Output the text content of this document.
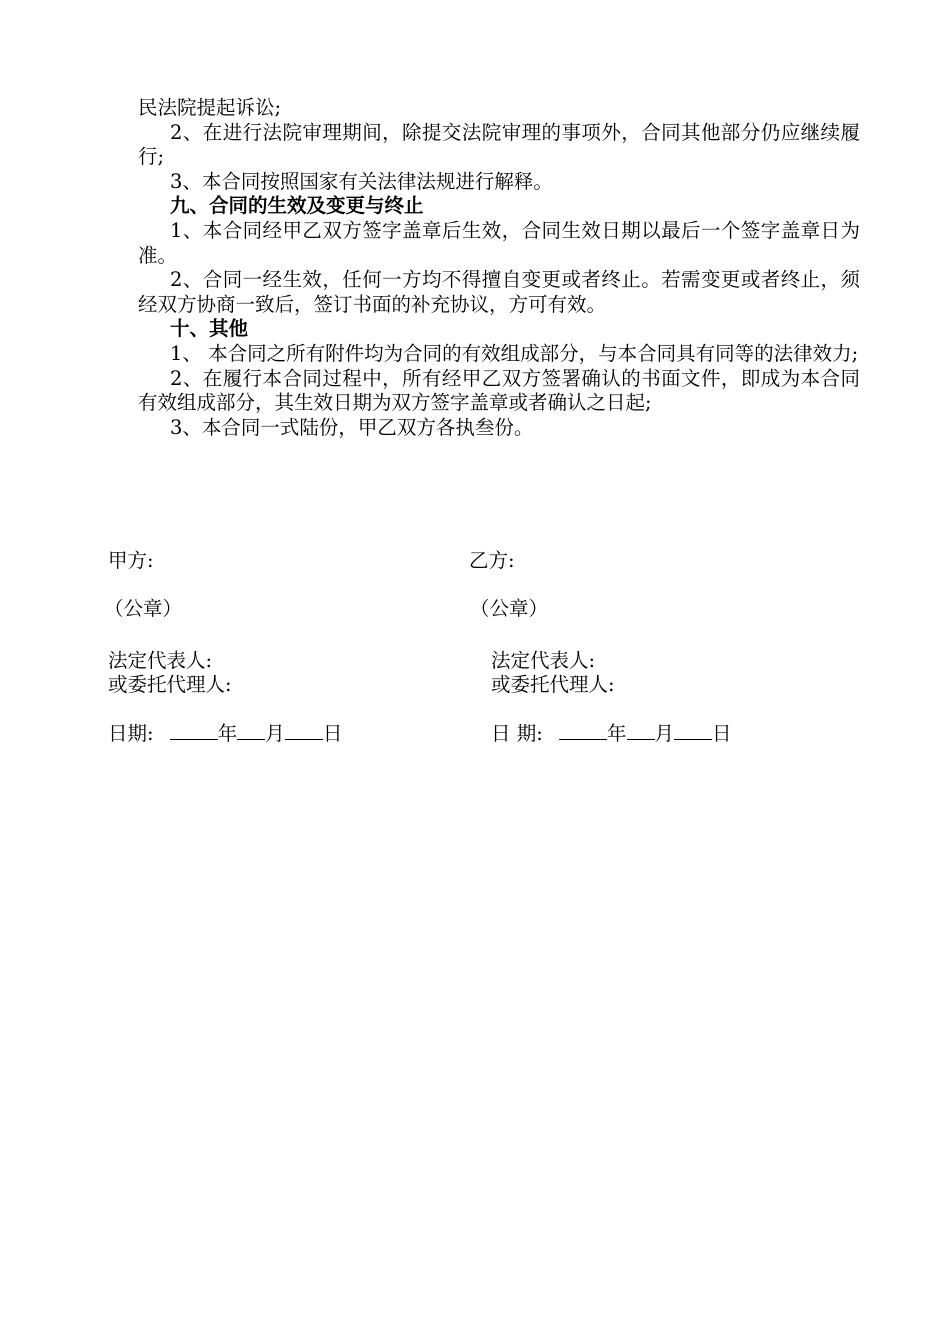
民法院提起诉讼;

2、在进行法院审理期间，除提交法院审理的事项外，合同其他部分仍应继续履行;

3、本合同按照国家有关法律法规进行解释。

九、合同的生效及变更与终止

1、本合同经甲乙双方签字盖章后生效，合同生效日期以最后一个签字盖章日为准。

2、合同一经生效，任何一方均不得擅自变更或者终止。若需变更或者终止，须经双方协商一致后，签订书面的补充协议，方可有效。

十、其他

1、 本合同之所有附件均为合同的有效组成部分，与本合同具有同等的法律效力;

2、在履行本合同过程中，所有经甲乙双方签署确认的书面文件，即成为本合同有效组成部分，其生效日期为双方签字盖章或者确认之日起;

3、本合同一式陆份，甲乙双方各执叁份。

甲方:
（公章）
法定代表人:
或委托代理人:
日期:	年 月 日
乙方:
（公章）
法定代表人:
或委托代理人:
日 期:	年 月 日
